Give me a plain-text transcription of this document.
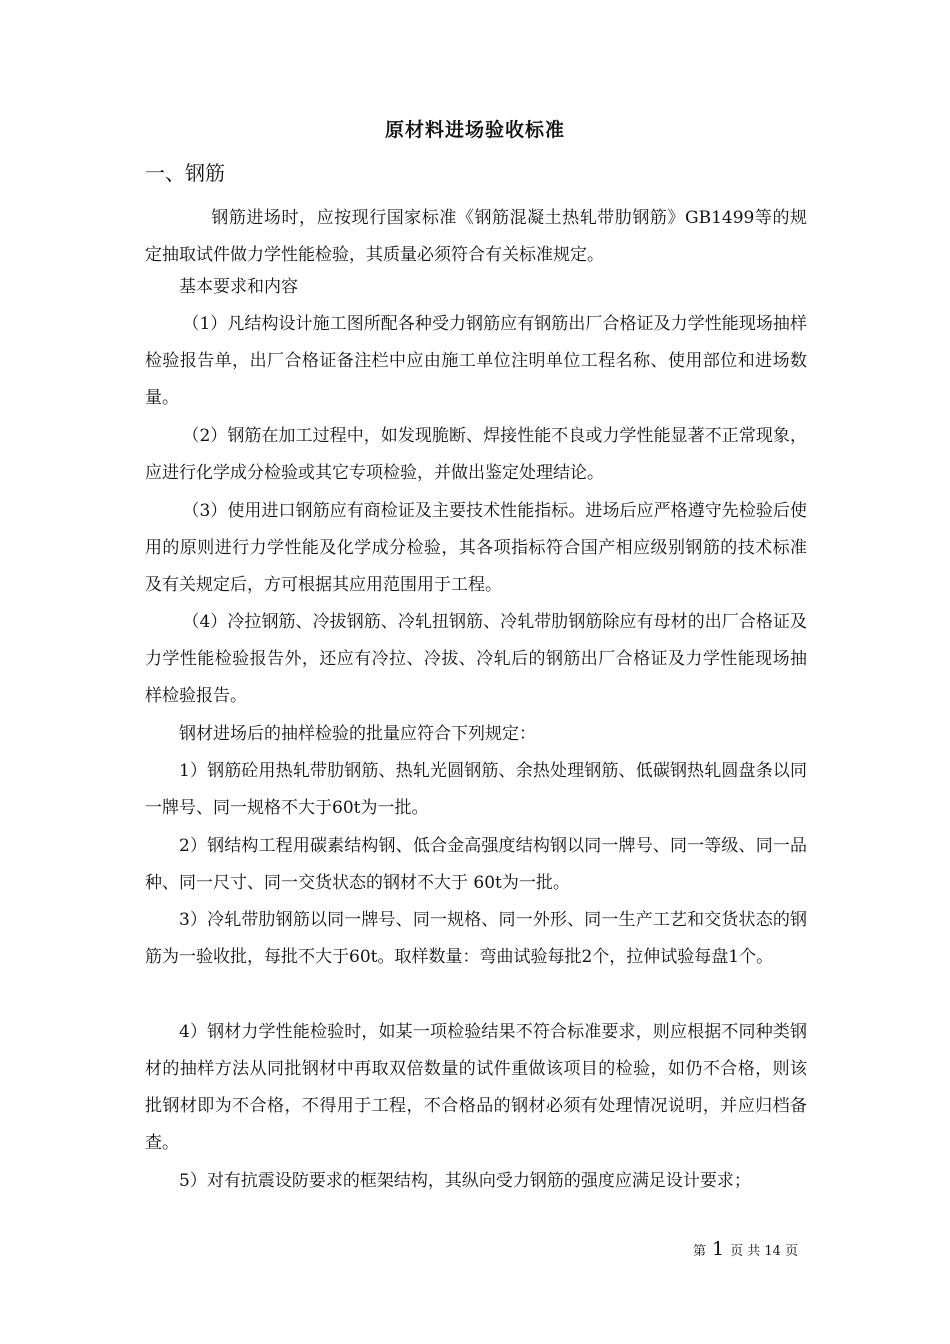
原材料进场验收标准
一、钢筋

钢筋进场时，应按现行国家标准《钢筋混凝土热轧带肋钢筋》GB1499等的规定抽取试件做力学性能检验，其质量必须符合有关标准规定。

基本要求和内容

（1）凡结构设计施工图所配各种受力钢筋应有钢筋出厂合格证及力学性能现场抽样检验报告单，出厂合格证备注栏中应由施工单位注明单位工程名称、使用部位和进场数量。

（2）钢筋在加工过程中，如发现脆断、焊接性能不良或力学性能显著不正常现象，应进行化学成分检验或其它专项检验，并做出鉴定处理结论。

（3）使用进口钢筋应有商检证及主要技术性能指标。进场后应严格遵守先检验后使用的原则进行力学性能及化学成分检验，其各项指标符合国产相应级别钢筋的技术标准及有关规定后，方可根据其应用范围用于工程。

（4）冷拉钢筋、冷拔钢筋、冷轧扭钢筋、冷轧带肋钢筋除应有母材的出厂合格证及力学性能检验报告外，还应有冷拉、冷拔、冷轧后的钢筋出厂合格证及力学性能现场抽样检验报告。

钢材进场后的抽样检验的批量应符合下列规定：

1）钢筋砼用热轧带肋钢筋、热轧光圆钢筋、余热处理钢筋、低碳钢热轧圆盘条以同一牌号、同一规格不大于60t为一批。

2）钢结构工程用碳素结构钢、低合金高强度结构钢以同一牌号、同一等级、同一品种、同一尺寸、同一交货状态的钢材不大于 60t为一批。

3）冷轧带肋钢筋以同一牌号、同一规格、同一外形、同一生产工艺和交货状态的钢筋为一验收批，每批不大于60t。取样数量：弯曲试验每批2个，拉伸试验每盘1个。

4）钢材力学性能检验时，如某一项检验结果不符合标准要求，则应根据不同种类钢材的抽样方法从同批钢材中再取双倍数量的试件重做该项目的检验，如仍不合格，则该批钢材即为不合格，不得用于工程，不合格品的钢材必须有处理情况说明，并应归档备查。

5）对有抗震设防要求的框架结构，其纵向受力钢筋的强度应满足设计要求；

第 1 页 共 14 页
